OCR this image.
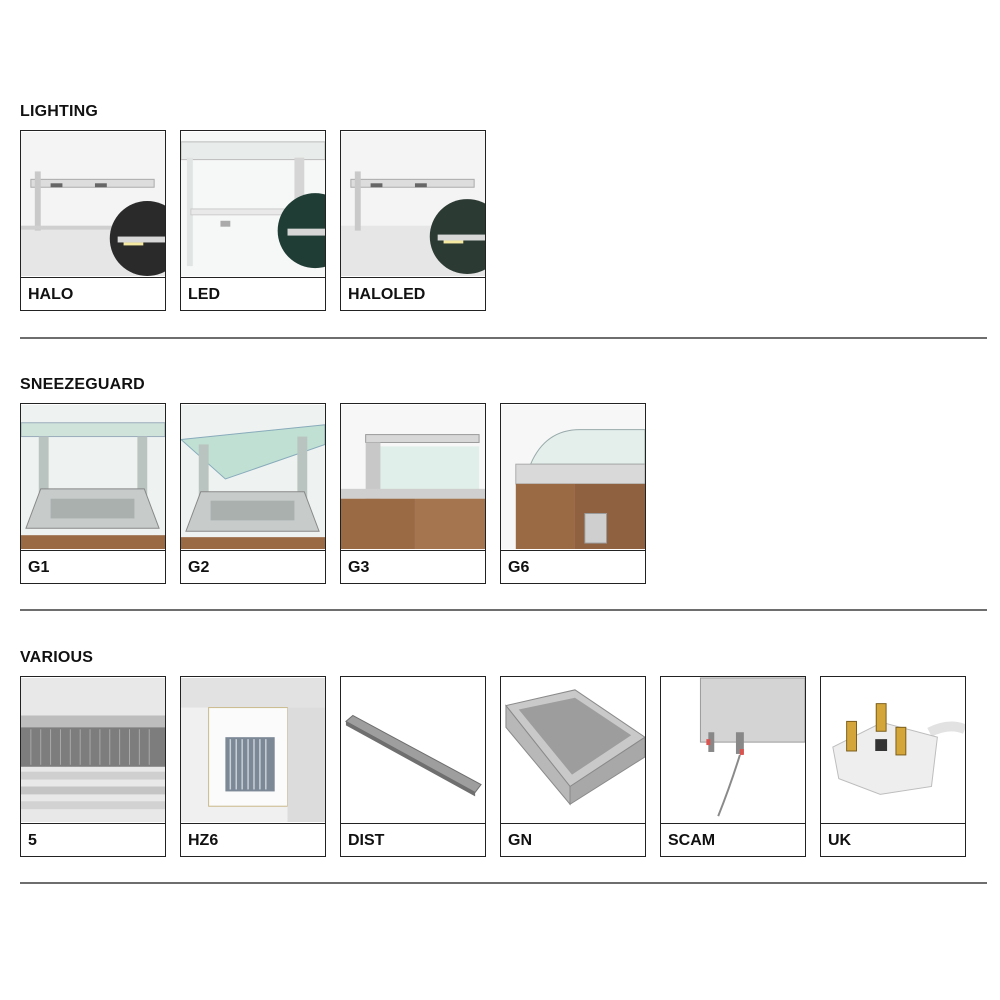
LIGHTING
HALO	LED	HALOLED
SNEEZEGUARD
G1	G2	G3	G6
VARIOUS
5	HZ6	DIST	GN	SCAM	UK
